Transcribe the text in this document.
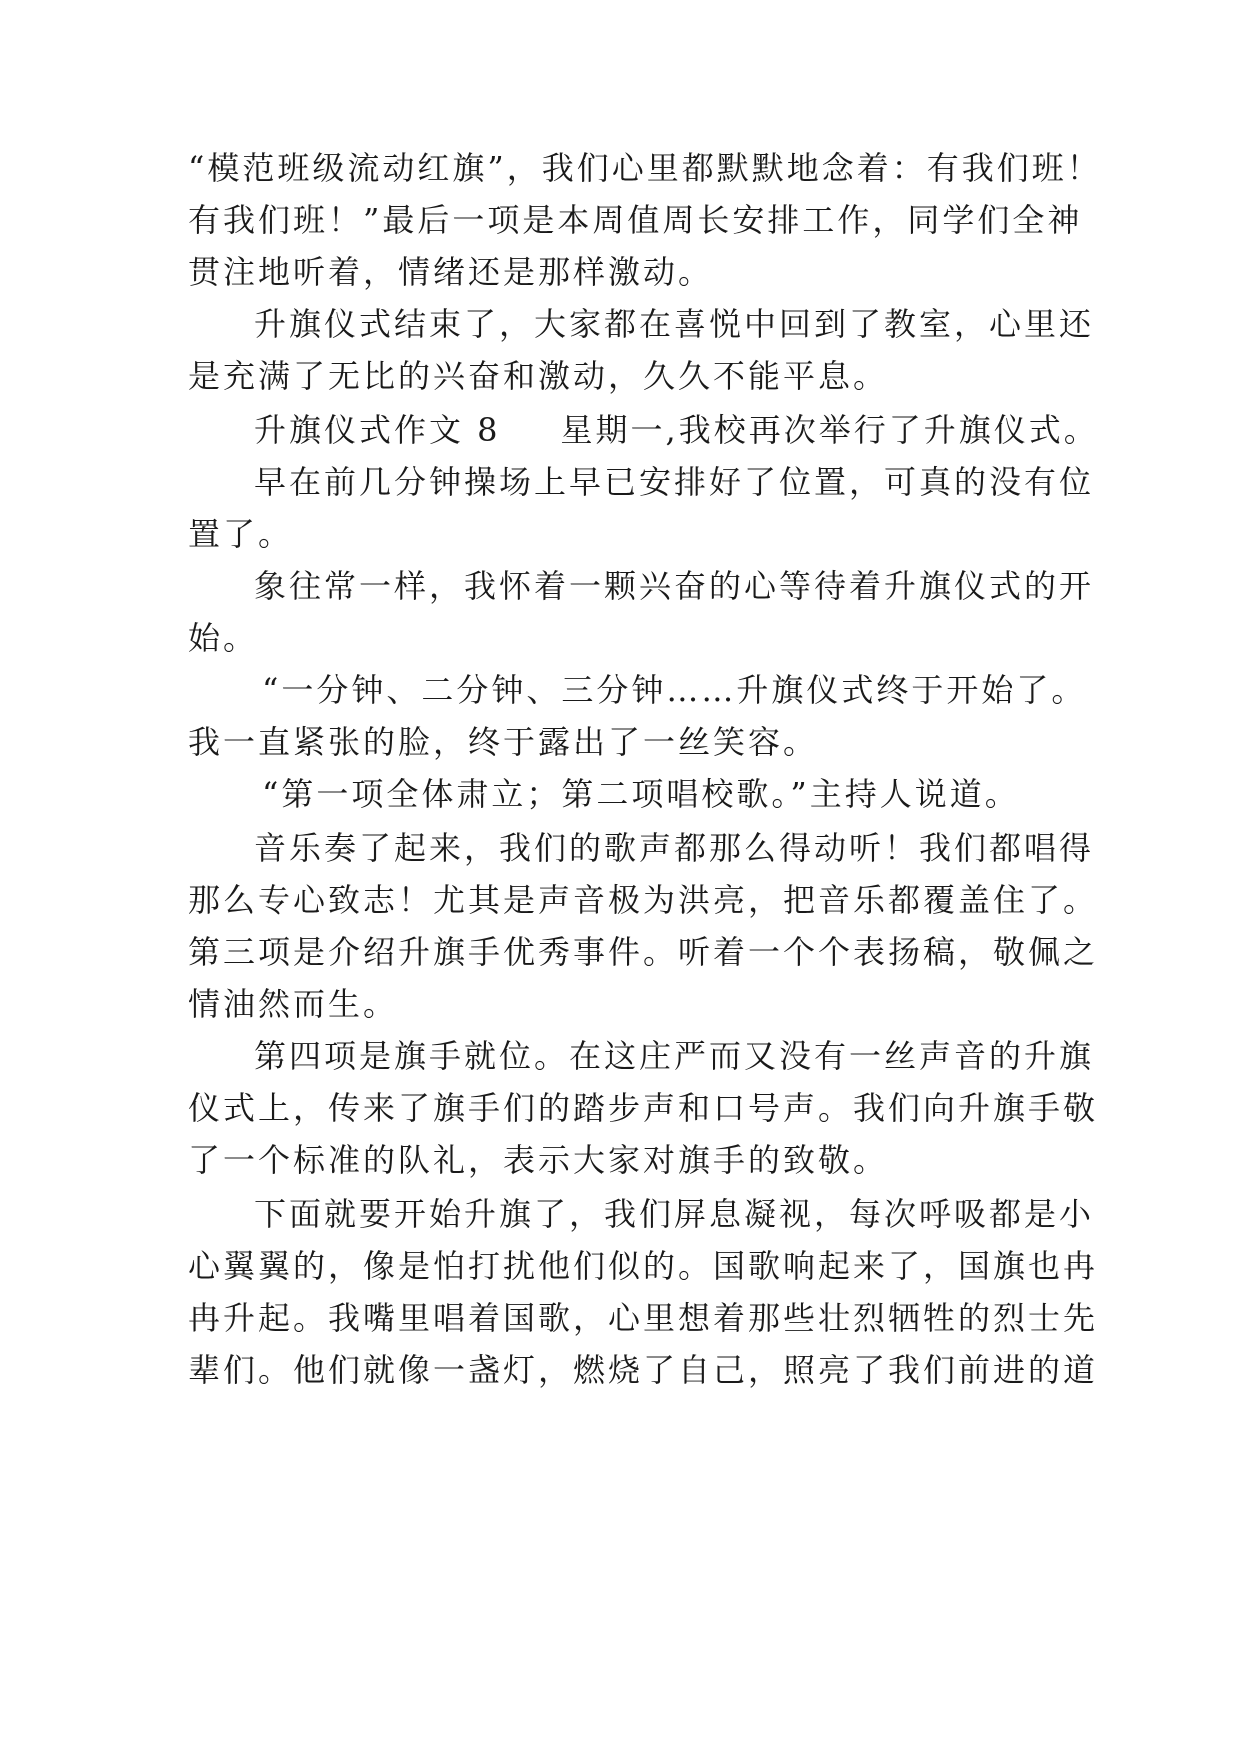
“模范班级流动红旗”，我们心里都默默地念着：有我们班！
有我们班！”最后一项是本周值周长安排工作，同学们全神
贯注地听着，情绪还是那样激动。
升旗仪式结束了，大家都在喜悦中回到了教室，心里还
是充满了无比的兴奋和激动，久久不能平息。
升旗仪式作文 8 星期一,我校再次举行了升旗仪式。
早在前几分钟操场上早已安排好了位置，可真的没有位
置了。
象往常一样，我怀着一颗兴奋的心等待着升旗仪式的开
始。
“一分钟、二分钟、三分钟……升旗仪式终于开始了。
我一直紧张的脸，终于露出了一丝笑容。
“第一项全体肃立；第二项唱校歌。”主持人说道。
音乐奏了起来，我们的歌声都那么得动听！我们都唱得
那么专心致志！尤其是声音极为洪亮，把音乐都覆盖住了。
第三项是介绍升旗手优秀事件。听着一个个表扬稿，敬佩之
情油然而生。
第四项是旗手就位。在这庄严而又没有一丝声音的升旗
仪式上，传来了旗手们的踏步声和口号声。我们向升旗手敬
了一个标准的队礼，表示大家对旗手的致敬。
下面就要开始升旗了，我们屏息凝视，每次呼吸都是小
心翼翼的，像是怕打扰他们似的。国歌响起来了，国旗也冉
冉升起。我嘴里唱着国歌，心里想着那些壮烈牺牲的烈士先
辈们。他们就像一盏灯，燃烧了自己，照亮了我们前进的道
